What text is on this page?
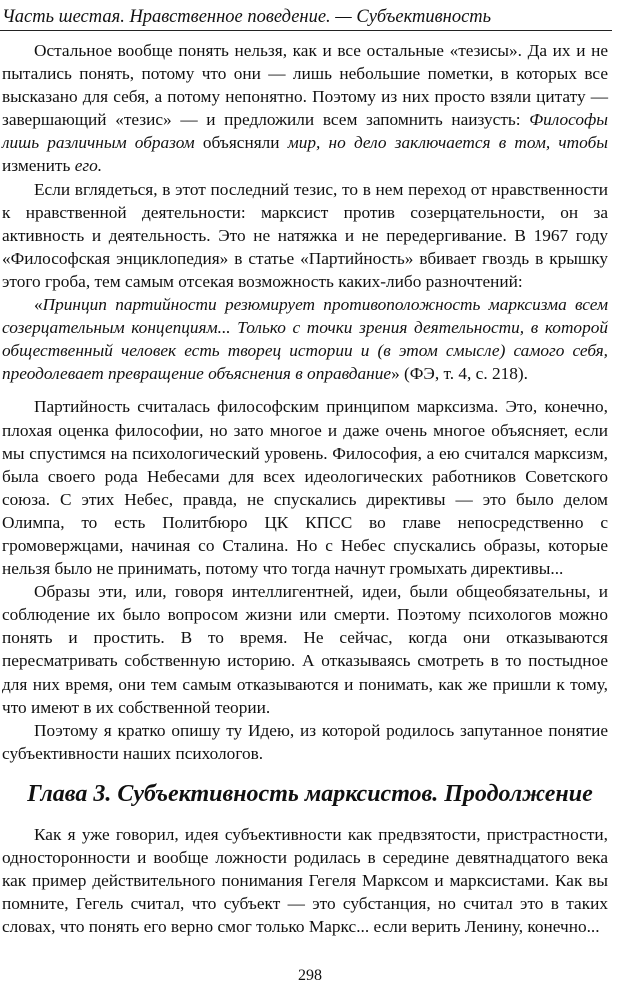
Часть шестая. Нравственное поведение. — Субъективность

Остальное вообще понять нельзя, как и все остальные «тезисы». Да их и не пытались понять, потому что они — лишь небольшие пометки, в которых все высказано для себя, а потому непонятно. Поэтому из них просто взяли цитату — завершающий «тезис» — и предложили всем запомнить наизусть: Философы лишь различным образом объясняли мир, но дело заключается в том, чтобы изменить его.

Если вглядеться, в этот последний тезис, то в нем переход от нравственности к нравственной деятельности: марксист против созерцательности, он за активность и деятельность. Это не натяжка и не передергивание. В 1967 году «Философская энциклопедия» в статье «Партийность» вбивает гвоздь в крышку этого гроба, тем самым отсекая возможность каких-либо разночтений:

«Принцип партийности резюмирует противоположность марксизма всем созерцательным концепциям... Только с точки зрения деятельности, в которой общественный человек есть творец истории и (в этом смысле) самого себя, преодолевает превращение объяснения в оправдание» (ФЭ, т. 4, с. 218).

Партийность считалась философским принципом марксизма. Это, конечно, плохая оценка философии, но зато многое и даже очень многое объясняет, если мы спустимся на психологический уровень. Философия, а ею считался марксизм, была своего рода Небесами для всех идеологических работников Советского союза. С этих Небес, правда, не спускались директивы — это было делом Олимпа, то есть Политбюро ЦК КПСС во главе непосредственно с громовержцами, начиная со Сталина. Но с Небес спускались образы, которые нельзя было не принимать, потому что тогда начнут громыхать директивы...

Образы эти, или, говоря интеллигентней, идеи, были общеобязательны, и соблюдение их было вопросом жизни или смерти. Поэтому психологов можно понять и простить. В то время. Не сейчас, когда они отказываются пересматривать собственную историю. А отказываясь смотреть в то постыдное для них время, они тем самым отказываются и понимать, как же пришли к тому, что имеют в их собственной теории.

Поэтому я кратко опишу ту Идею, из которой родилось запутанное понятие субъективности наших психологов.

Глава 3. Субъективность марксистов. Продолжение

Как я уже говорил, идея субъективности как предвзятости, пристрастности, односторонности и вообще ложности родилась в середине девятнадцатого века как пример действительного понимания Гегеля Марксом и марксистами. Как вы помните, Гегель считал, что субъект — это субстанция, но считал это в таких словах, что понять его верно смог только Маркс... если верить Ленину, конечно...

298
